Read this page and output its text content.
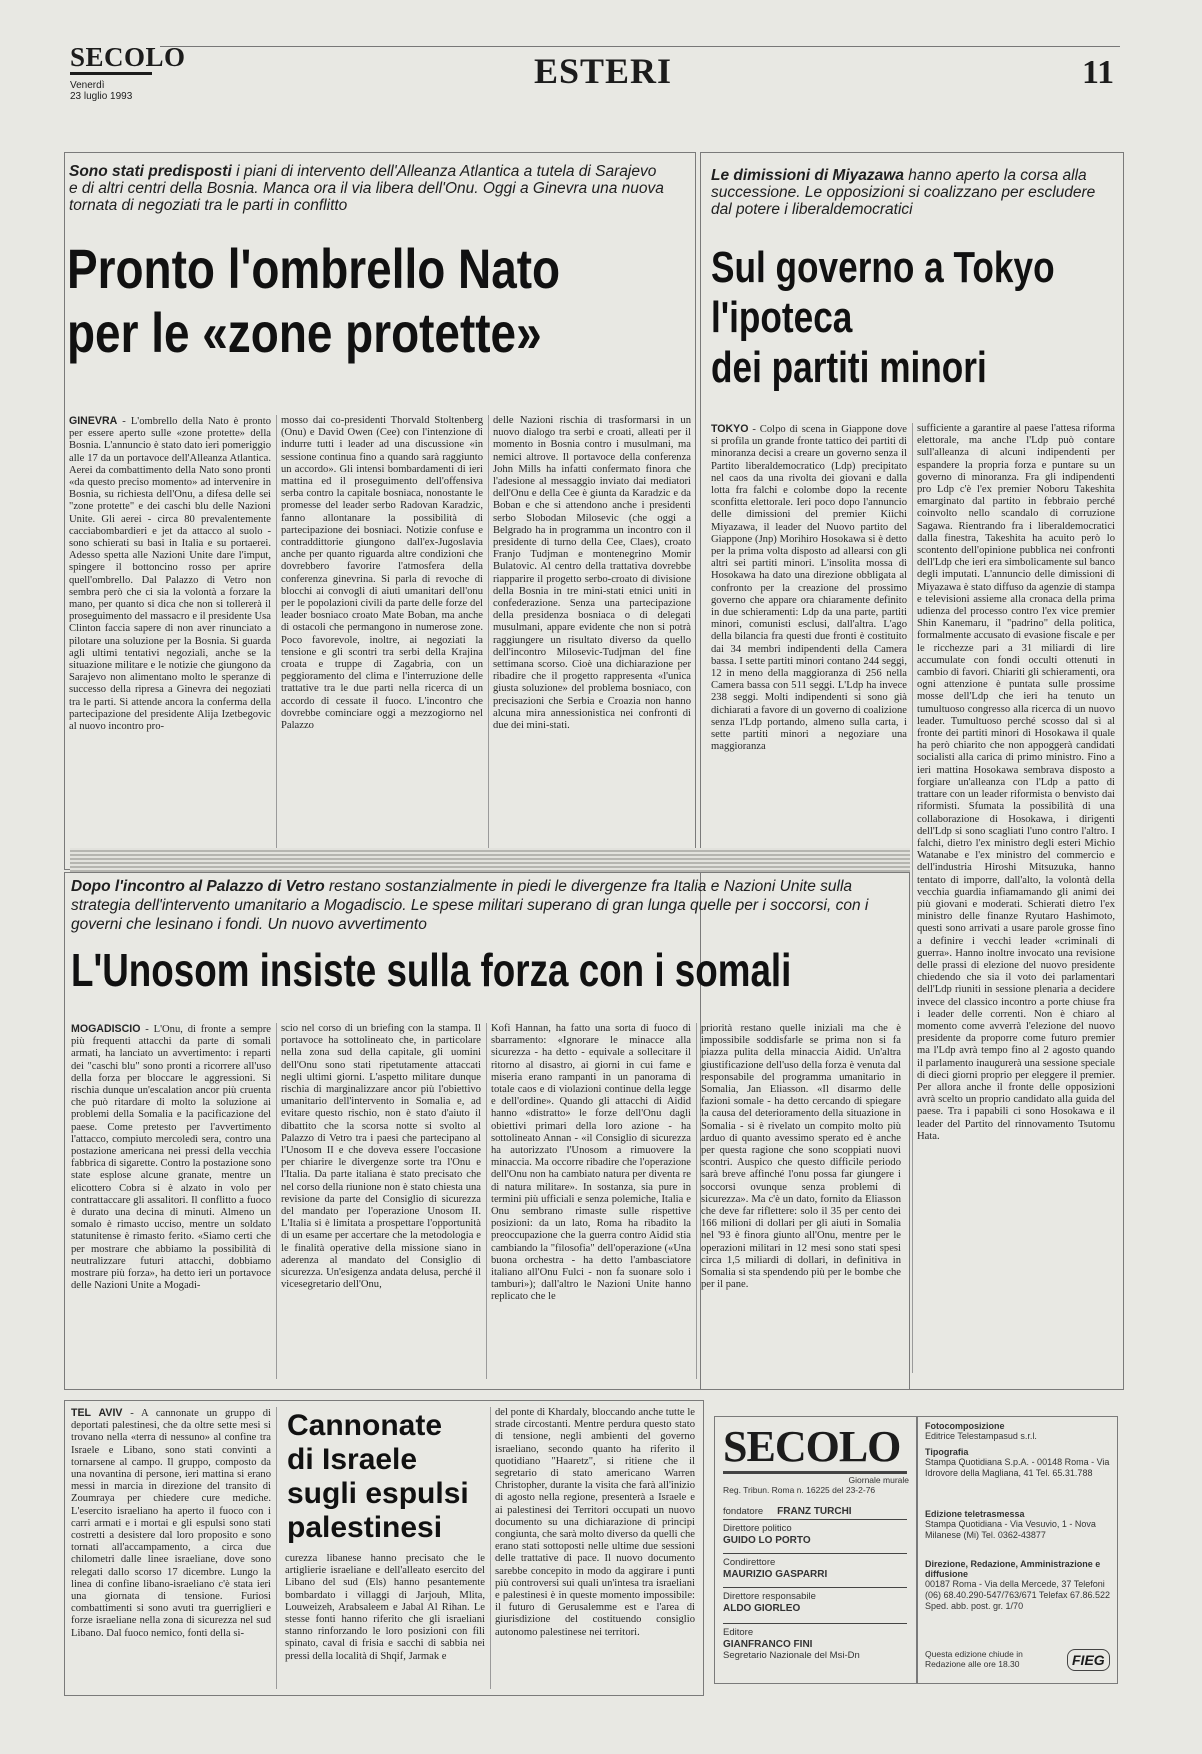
SECOLO
Venerdì
23 luglio 1993
ESTERI	11
Sono stati predisposti i piani di intervento dell'Alleanza Atlantica a tutela di Sarajevo e di altri centri della Bosnia. Manca ora il via libera dell'Onu. Oggi a Ginevra una nuova tornata di negoziati tra le parti in conflitto
Pronto l'ombrello Nato
per le «zone protette»
GINEVRA - L'ombrello della Nato è pronto per essere aperto sulle «zone protette» della Bosnia. L'annuncio è stato dato ieri pomeriggio alle 17 da un portavoce dell'Alleanza Atlantica. Aerei da combattimento della Nato sono pronti «da questo preciso momento» ad intervenire in Bosnia, su richiesta dell'Onu, a difesa delle sei "zone protette" e dei caschi blu delle Nazioni Unite. Gli aerei - circa 80 prevalentemente cacciabombardieri e jet da attacco al suolo - sono schierati su basi in Italia e su portaerei. Adesso spetta alle Nazioni Unite dare l'imput, spingere il bottoncino rosso per aprire quell'ombrello. Dal Palazzo di Vetro non sembra però che ci sia la volontà a forzare la mano, per quanto si dica che non si tollererà il proseguimento del massacro e il presidente Usa Clinton faccia sapere di non aver rinunciato a pilotare una soluzione per la Bosnia. Si guarda agli ultimi tentativi negoziali, anche se la situazione militare e le notizie che giungono da Sarajevo non alimentano molto le speranze di successo della ripresa a Ginevra dei negoziati tra le parti. Si attende ancora la conferma della partecipazione del presidente Alija Izetbegovic al nuovo incontro pro-
mosso dai co-presidenti Thorvald Stoltenberg (Onu) e David Owen (Cee) con l'intenzione di indurre tutti i leader ad una discussione «in sessione continua fino a quando sarà raggiunto un accordo». Gli intensi bombardamenti di ieri mattina ed il proseguimento dell'offensiva serba contro la capitale bosniaca, nonostante le promesse del leader serbo Radovan Karadzic, fanno allontanare la possibilità di partecipazione dei bosniaci. Notizie confuse e contraddittorie giungono dall'ex-Jugoslavia anche per quanto riguarda altre condizioni che dovrebbero favorire l'atmosfera della conferenza ginevrina. Si parla di revoche di blocchi ai convogli di aiuti umanitari dell'onu per le popolazioni civili da parte delle forze del leader bosniaco croato Mate Boban, ma anche di ostacoli che permangono in numerose zone. Poco favorevole, inoltre, ai negoziati la tensione e gli scontri tra serbi della Krajina croata e truppe di Zagabria, con un peggioramento del clima e l'interruzione delle trattative tra le due parti nella ricerca di un accordo di cessate il fuoco. L'incontro che dovrebbe cominciare oggi a mezzogiorno nel Palazzo
delle Nazioni rischia di trasformarsi in un nuovo dialogo tra serbi e croati, alleati per il momento in Bosnia contro i musulmani, ma nemici altrove. Il portavoce della conferenza John Mills ha infatti confermato finora che l'adesione al messaggio inviato dai mediatori dell'Onu e della Cee è giunta da Karadzic e da Boban e che si attendono anche i presidenti serbo Slobodan Milosevic (che oggi a Belgrado ha in programma un incontro con il presidente di turno della Cee, Claes), croato Franjo Tudjman e montenegrino Momir Bulatovic. Al centro della trattativa dovrebbe riapparire il progetto serbo-croato di divisione della Bosnia in tre mini-stati etnici uniti in confederazione. Senza una partecipazione della presidenza bosniaca o di delegati musulmani, appare evidente che non si potrà raggiungere un risultato diverso da quello dell'incontro Milosevic-Tudjman del fine settimana scorso. Cioè una dichiarazione per ribadire che il progetto rappresenta «l'unica giusta soluzione» del problema bosniaco, con precisazioni che Serbia e Croazia non hanno alcuna mira annessionistica nei confronti di due dei mini-stati.
Le dimissioni di Miyazawa hanno aperto la corsa alla successione. Le opposizioni si coalizzano per escludere dal potere i liberaldemocratici
Sul governo a Tokyo
l'ipoteca
dei partiti minori
TOKYO - Colpo di scena in Giappone dove si profila un grande fronte tattico dei partiti di minoranza decisi a creare un governo senza il Partito liberaldemocratico (Ldp) precipitato nel caos da una rivolta dei giovani e dalla lotta fra falchi e colombe dopo la recente sconfitta elettorale. Ieri poco dopo l'annuncio delle dimissioni del premier Kiichi Miyazawa, il leader del Nuovo partito del Giappone (Jnp) Morihiro Hosokawa si è detto per la prima volta disposto ad allearsi con gli altri sei partiti minori. L'insolita mossa di Hosokawa ha dato una direzione obbligata al confronto per la creazione del prossimo governo che appare ora chiaramente definito in due schieramenti: Ldp da una parte, partiti minori, comunisti esclusi, dall'altra. L'ago della bilancia fra questi due fronti è costituito dai 34 membri indipendenti della Camera bassa. I sette partiti minori contano 244 seggi, 12 in meno della maggioranza di 256 nella Camera bassa con 511 seggi. L'Ldp ha invece 238 seggi. Molti indipendenti si sono già dichiarati a favore di un governo di coalizione senza l'Ldp portando, almeno sulla carta, i sette partiti minori a negoziare una maggioranza
sufficiente a garantire al paese l'attesa riforma elettorale, ma anche l'Ldp può contare sull'alleanza di alcuni indipendenti per espandere la propria forza e puntare su un governo di minoranza. Fra gli indipendenti pro Ldp c'è l'ex premier Noboru Takeshita emarginato dal partito in febbraio perché coinvolto nello scandalo di corruzione Sagawa. Rientrando fra i liberaldemocratici dalla finestra, Takeshita ha acuito però lo scontento dell'opinione pubblica nei confronti dell'Ldp che ieri era simbolicamente sul banco degli imputati. L'annuncio delle dimissioni di Miyazawa è stato diffuso da agenzie di stampa e televisioni assieme alla cronaca della prima udienza del processo contro l'ex vice premier Shin Kanemaru, il "padrino" della politica, formalmente accusato di evasione fiscale e per le ricchezze pari a 31 miliardi di lire accumulate con fondi occulti ottenuti in cambio di favori. Chiariti gli schieramenti, ora ogni attenzione è puntata sulle prossime mosse dell'Ldp che ieri ha tenuto un tumultuoso congresso alla ricerca di un nuovo leader. Tumultuoso perché scosso dal sì al fronte dei partiti minori di Hosokawa il quale ha però chiarito che non appoggerà candidati socialisti alla carica di primo ministro. Fino a ieri mattina Hosokawa sembrava disposto a forgiare un'alleanza con l'Ldp a patto di trattare con un leader riformista o benvisto dai riformisti. Sfumata la possibilità di una collaborazione di Hosokawa, i dirigenti dell'Ldp si sono scagliati l'uno contro l'altro. I falchi, dietro l'ex ministro degli esteri Michio Watanabe e l'ex ministro del commercio e dell'industria Hiroshi Mitsuzuka, hanno tentato di imporre, dall'alto, la volontà della vecchia guardia infiamamando gli animi dei più giovani e moderati. Schierati dietro l'ex ministro delle finanze Ryutaro Hashimoto, questi sono arrivati a usare parole grosse fino a definire i vecchi leader «criminali di guerra». Hanno inoltre invocato una revisione delle prassi di elezione del nuovo presidente chiedendo che sia il voto dei parlamentari dell'Ldp riuniti in sessione plenaria a decidere invece del classico incontro a porte chiuse fra i leader delle correnti. Non è chiaro al momento come avverrà l'elezione del nuovo presidente da proporre come futuro premier ma l'Ldp avrà tempo fino al 2 agosto quando il parlamento inaugurerà una sessione speciale di dieci giorni proprio per eleggere il premier. Per allora anche il fronte delle opposizioni avrà scelto un proprio candidato alla guida del paese. Tra i papabili ci sono Hosokawa e il leader del Partito del rinnovamento Tsutomu Hata.
Dopo l'incontro al Palazzo di Vetro restano sostanzialmente in piedi le divergenze fra Italia e Nazioni Unite sulla strategia dell'intervento umanitario a Mogadiscio. Le spese militari superano di gran lunga quelle per i soccorsi, con i governi che lesinano i fondi. Un nuovo avvertimento
L'Unosom insiste sulla forza con i somali
MOGADISCIO - L'Onu, di fronte a sempre più frequenti attacchi da parte di somali armati, ha lanciato un avvertimento: i reparti dei "caschi blu" sono pronti a ricorrere all'uso della forza per bloccare le aggressioni. Si rischia dunque un'escalation ancor più cruenta che può ritardare di molto la soluzione ai problemi della Somalia e la pacificazione del paese. Come pretesto per l'avvertimento l'attacco, compiuto mercoledì sera, contro una postazione americana nei pressi della vecchia fabbrica di sigarette. Contro la postazione sono state esplose alcune granate, mentre un elicottero Cobra si è alzato in volo per contrattaccare gli assalitori. Il conflitto a fuoco è durato una decina di minuti. Almeno un somalo è rimasto ucciso, mentre un soldato statunitense è rimasto ferito. «Siamo certi che per mostrare che abbiamo la possibilità di neutralizzare futuri attacchi, dobbiamo mostrare più forza», ha detto ieri un portavoce delle Nazioni Unite a Mogadi-
scio nel corso di un briefing con la stampa. Il portavoce ha sottolineato che, in particolare nella zona sud della capitale, gli uomini dell'Onu sono stati ripetutamente attaccati negli ultimi giorni. L'aspetto militare dunque rischia di marginalizzare ancor più l'obiettivo umanitario dell'intervento in Somalia e, ad evitare questo rischio, non è stato d'aiuto il dibattito che la scorsa notte si svolto al Palazzo di Vetro tra i paesi che partecipano al l'Unosom II e che doveva essere l'occasione per chiarire le divergenze sorte tra l'Onu e l'Italia. Da parte italiana è stato precisato che nel corso della riunione non è stato chiesta una revisione da parte del Consiglio di sicurezza del mandato per l'operazione Unosom II. L'Italia si è limitata a prospettare l'opportunità di un esame per accertare che la metodologia e le finalità operative della missione siano in aderenza al mandato del Consiglio di sicurezza. Un'esigenza andata delusa, perché il vicesegretario dell'Onu,
Kofi Hannan, ha fatto una sorta di fuoco di sbarramento: «Ignorare le minacce alla sicurezza - ha detto - equivale a sollecitare il ritorno al disastro, ai giorni in cui fame e miseria erano rampanti in un panorama di totale caos e di violazioni continue della legge e dell'ordine». Quando gli attacchi di Aidid hanno «distratto» le forze dell'Onu dagli obiettivi primari della loro azione - ha sottolineato Annan - «il Consiglio di sicurezza ha autorizzato l'Unosom a rimuovere la minaccia. Ma occorre ribadire che l'operazione dell'Onu non ha cambiato natura per diventa re di natura militare». In sostanza, sia pure in termini più ufficiali e senza polemiche, Italia e Onu sembrano rimaste sulle rispettive posizioni: da un lato, Roma ha ribadito la preoccupazione che la guerra contro Aidid stia cambiando la "filosofia" dell'operazione («Una buona orchestra - ha detto l'ambasciatore italiano all'Onu Fulci - non fa suonare solo i tamburi»); dall'altro le Nazioni Unite hanno replicato che le
priorità restano quelle iniziali ma che è impossibile soddisfarle se prima non si fa piazza pulita della minaccia Aidid. Un'altra giustificazione dell'uso della forza è venuta dal responsabile del programma umanitario in Somalia, Jan Eliasson. «Il disarmo delle fazioni somale - ha detto cercando di spiegare la causa del deterioramento della situazione in Somalia - si è rivelato un compito molto più arduo di quanto avessimo sperato ed è anche per questa ragione che sono scoppiati nuovi scontri. Auspico che questo difficile periodo sarà breve affinché l'onu possa far giungere i soccorsi ovunque senza problemi di sicurezza». Ma c'è un dato, fornito da Eliasson che deve far riflettere: solo il 35 per cento dei 166 milioni di dollari per gli aiuti in Somalia nel '93 è finora giunto all'Onu, mentre per le operazioni militari in 12 mesi sono stati spesi circa 1,5 miliardi di dollari, in definitiva in Somalia si sta spendendo più per le bombe che per il pane.
TEL AVIV - A cannonate un gruppo di deportati palestinesi, che da oltre sette mesi si trovano nella «terra di nessuno» al confine tra Israele e Libano, sono stati convinti a tornarsene al campo. Il gruppo, composto da una novantina di persone, ieri mattina si erano messi in marcia in direzione del transito di Zoumraya per chiedere cure mediche. L'esercito israeliano ha aperto il fuoco con i carri armati e i mortai e gli espulsi sono stati costretti a desistere dal loro proposito e sono tornati all'accampamento, a circa due chilometri dalle linee israeliane, dove sono relegati dallo scorso 17 dicembre. Lungo la linea di confine libano-israeliano c'è stata ieri una giornata di tensione. Furiosi combattimenti si sono avuti tra guerriglieri e forze israeliane nella zona di sicurezza nel sud Libano. Dal fuoco nemico, fonti della si-
Cannonate
di Israele
sugli espulsi
palestinesi
curezza libanese hanno precisato che le artiglierie israeliane e dell'alleato esercito del Libano del sud (Els) hanno pesantemente bombardato i villaggi di Jarjouh, Mlita, Louweizeh, Arabsaleem e Jabal Al Rihan. Le stesse fonti hanno riferito che gli israeliani stanno rinforzando le loro posizioni con fili spinato, caval di frisia e sacchi di sabbia nei pressi della località di Shqif, Jarmak e
del ponte di Khardaly, bloccando anche tutte le strade circostanti. Mentre perdura questo stato di tensione, negli ambienti del governo israeliano, secondo quanto ha riferito il quotidiano "Haaretz", si ritiene che il segretario di stato americano Warren Christopher, durante la visita che farà all'inizio di agosto nella regione, presenterà a Israele e ai palestinesi dei Territori occupati un nuovo documento su una dichiarazione di principi congiunta, che sarà molto diverso da quelli che erano stati sottoposti nelle ultime due sessioni delle trattative di pace. Il nuovo documento sarebbe concepito in modo da aggirare i punti più controversi sui quali un'intesa tra israeliani e palestinesi è in queste momento impossibile: il futuro di Gerusalemme est e l'area di giurisdizione del costituendo consiglio autonomo palestinese nei territori.
SECOLO
Giornale murale
Reg. Tribun. Roma n. 16225 del 23-2-76
fondatore FRANZ TURCHI
Direttore politico
GUIDO LO PORTO
Condirettore
MAURIZIO GASPARRI
Direttore responsabile
ALDO GIORLEO
Editore
GIANFRANCO FINI
Segretario Nazionale del Msi-Dn
Fotocomposizione
Editrice Telestampasud s.r.l.
Tipografia
Stampa Quotidiana S.p.A. - 00148 Roma - Via Idrovore della Magliana, 41 Tel. 65.31.788
Edizione teletrasmessa
Stampa Quotidiana - Via Vesuvio, 1 - Nova Milanese (Mi) Tel. 0362-43877
Direzione, Redazione, Amministrazione e diffusione
00187 Roma - Via della Mercede, 37 Telefoni (06) 68.40.290-547/763/671 Telefax 67.86.522 Sped. abb. post. gr. 1/70
Questa edizione chiude in Redazione alle ore 18.30	FIEG
